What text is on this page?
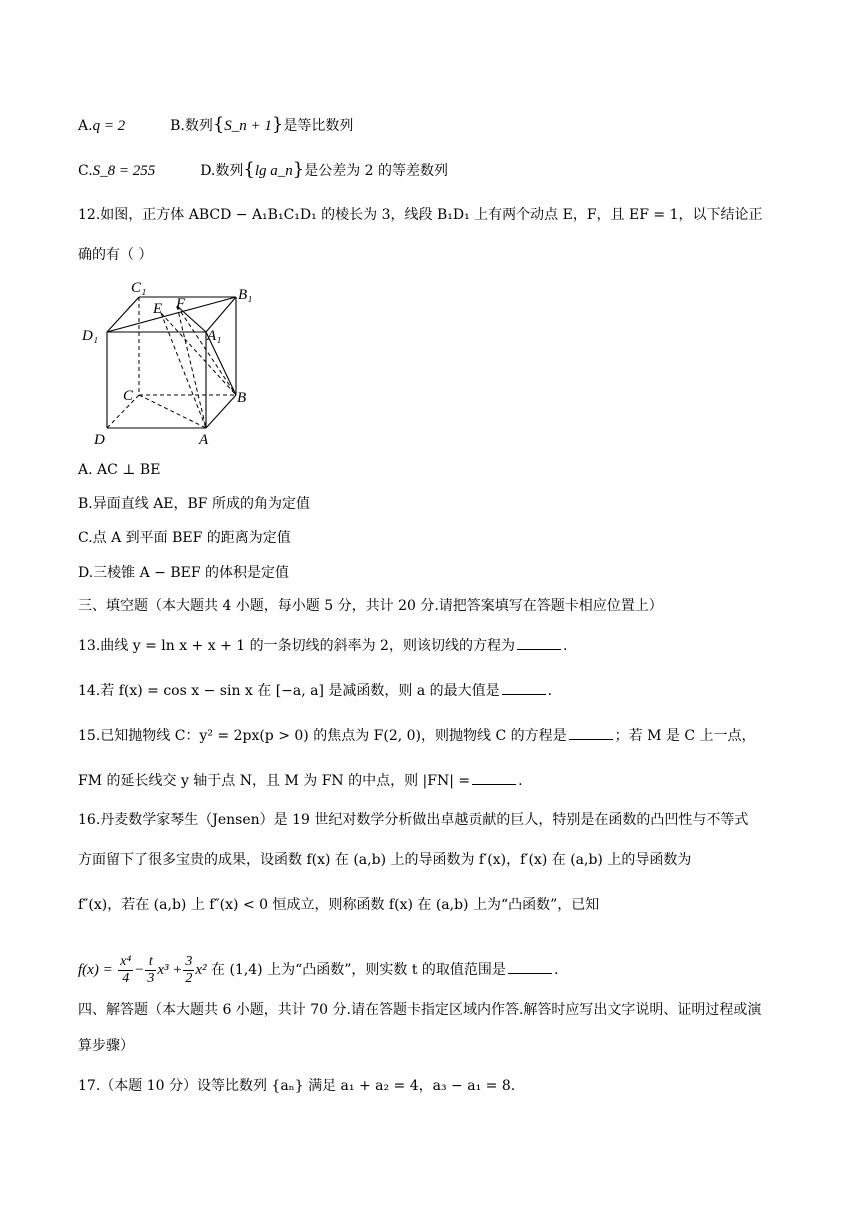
A.q = 2	B.数列{S_n + 1}是等比数列
C.S_8 = 255	D.数列{lg a_n}是公差为 2 的等差数列
12.如图，正方体 ABCD − A₁B₁C₁D₁ 的棱长为 3，线段 B₁D₁ 上有两个动点 E，F，且 EF = 1，以下结论正
确的有（ ）
C₁	B₁
E F
D₁	A₁
C	B
D	A
A. AC ⊥ BE
B.异面直线 AE，BF 所成的角为定值
C.点 A 到平面 BEF 的距离为定值
D.三棱锥 A − BEF 的体积是定值
三、填空题（本大题共 4 小题，每小题 5 分，共计 20 分.请把答案填写在答题卡相应位置上）
13.曲线 y = ln x + x + 1 的一条切线的斜率为 2，则该切线的方程为	.
14.若 f(x) = cos x − sin x 在 [−a, a] 是减函数，则 a 的最大值是	.
15.已知抛物线 C：y² = 2px(p > 0) 的焦点为 F(2, 0)，则抛物线 C 的方程是	；若 M 是 C 上一点，
FM 的延长线交 y 轴于点 N，且 M 为 FN 的中点，则 |FN| =	.
16.丹麦数学家琴生（Jensen）是 19 世纪对数学分析做出卓越贡献的巨人，特别是在函数的凸凹性与不等式
方面留下了很多宝贵的成果，设函数 f(x) 在 (a,b) 上的导函数为 f′(x)，f′(x) 在 (a,b) 上的导函数为
f″(x)，若在 (a,b) 上 f″(x) < 0 恒成立，则称函数 f(x) 在 (a,b) 上为“凸函数”，已知
$f(x) = \frac{\text{x⁴}}{4} - \frac{t}{3} x^3 + \frac{3}{2} x^2$ 在 (1,4) 上为“凸函数”，则实数 t 的取值范围是	.
四、解答题（本大题共 6 小题，共计 70 分.请在答题卡指定区域内作答.解答时应写出文字说明、证明过程或演
算步骤）
17.（本题 10 分）设等比数列 {aₙ} 满足 a₁ + a₂ = 4，a₃ − a₁ = 8.
